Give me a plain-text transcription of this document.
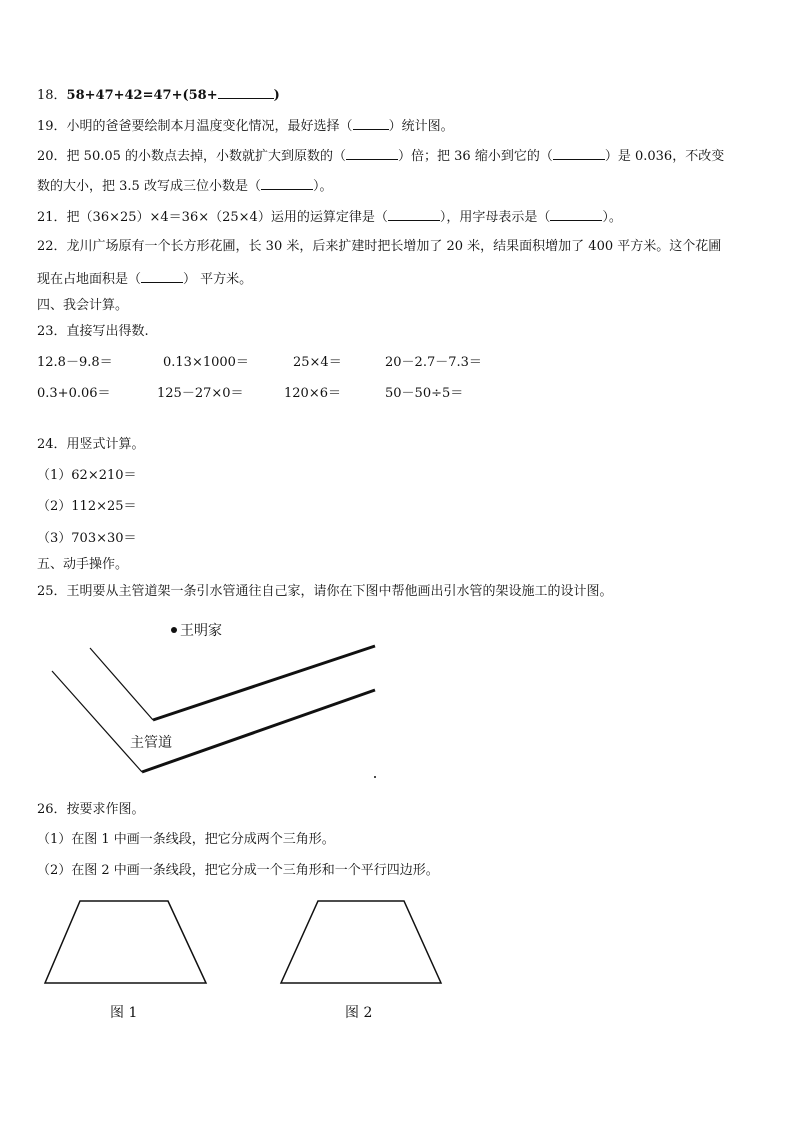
18．58+47+42=47+(58+	)
19．小明的爸爸要绘制本月温度变化情况，最好选择（	）统计图。
20．把 50.05 的小数点去掉，小数就扩大到原数的（	）倍；把 36 缩小到它的（	）是 0.036，不改变
数的大小，把 3.5 改写成三位小数是（	）。
21．把（36×25）×4＝36×（25×4）运用的运算定律是（	），用字母表示是（	）。
22．龙川广场原有一个长方形花圃，长 30 米，后来扩建时把长增加了 20 米，结果面积增加了 400 平方米。这个花圃
现在占地面积是（	） 平方米。
四、我会计算。
23．直接写出得数.
12.8－9.8＝	0.13×1000＝	25×4＝	20－2.7－7.3＝
0.3+0.06＝	125－27×0＝	120×6＝	50－50÷5＝
24．用竖式计算。
（1）62×210＝
（2）112×25＝
（3）703×30＝
五、动手操作。
25．王明要从主管道架一条引水管通往自己家，请你在下图中帮他画出引水管的架设施工的设计图。
王明家
主管道
26．按要求作图。
（1）在图 1 中画一条线段，把它分成两个三角形。
（2）在图 2 中画一条线段，把它分成一个三角形和一个平行四边形。
图 1	图 2
